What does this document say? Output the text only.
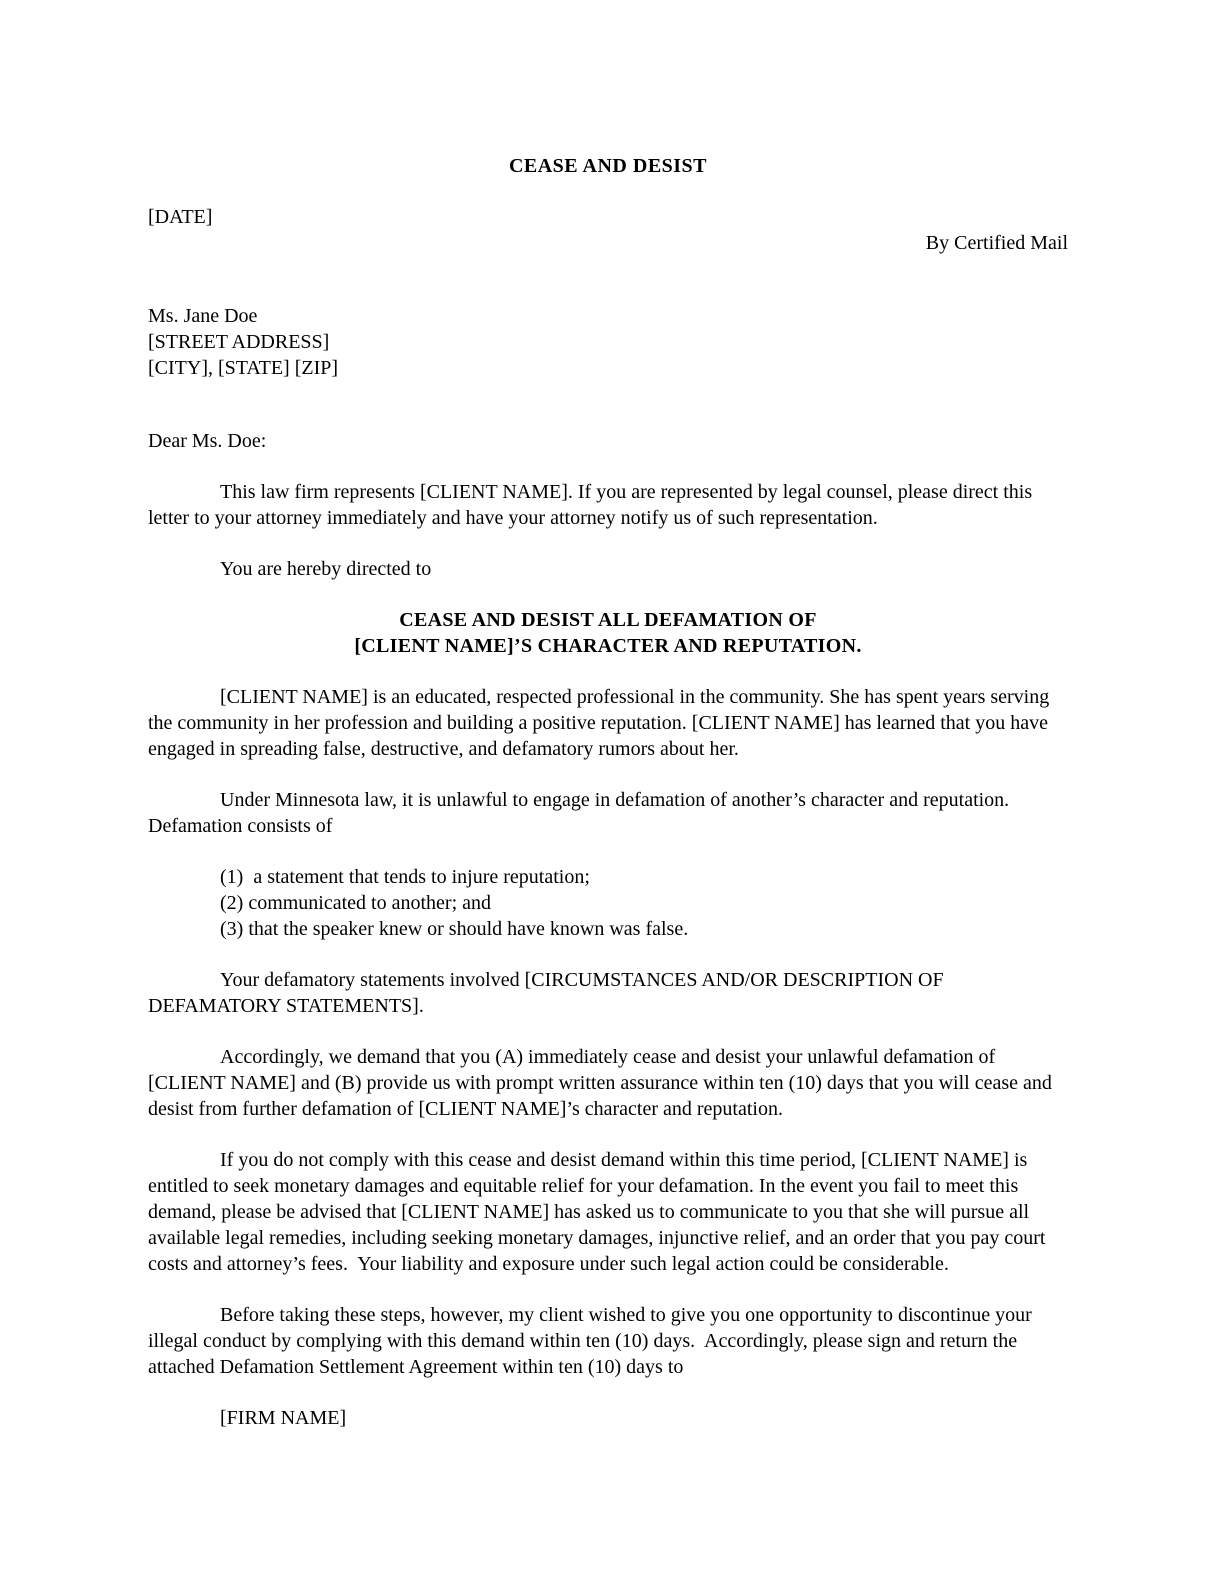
CEASE AND DESIST

[DATE]

By Certified Mail

Ms. Jane Doe

[STREET ADDRESS]

[CITY], [STATE] [ZIP]

Dear Ms. Doe:

This law firm represents [CLIENT NAME]. If you are represented by legal counsel, please direct this letter to your attorney immediately and have your attorney notify us of such representation.

You are hereby directed to

CEASE AND DESIST ALL DEFAMATION OF

[CLIENT NAME]’S CHARACTER AND REPUTATION.

[CLIENT NAME] is an educated, respected professional in the community. She has spent years serving the community in her profession and building a positive reputation. [CLIENT NAME] has learned that you have engaged in spreading false, destructive, and defamatory rumors about her.

Under Minnesota law, it is unlawful to engage in defamation of another’s character and reputation.  Defamation consists of

(1)  a statement that tends to injure reputation;

(2) communicated to another; and

(3) that the speaker knew or should have known was false.

Your defamatory statements involved [CIRCUMSTANCES AND/OR DESCRIPTION OF DEFAMATORY STATEMENTS].

Accordingly, we demand that you (A) immediately cease and desist your unlawful defamation of [CLIENT NAME] and (B) provide us with prompt written assurance within ten (10) days that you will cease and desist from further defamation of [CLIENT NAME]’s character and reputation.

If you do not comply with this cease and desist demand within this time period, [CLIENT NAME] is entitled to seek monetary damages and equitable relief for your defamation. In the event you fail to meet this demand, please be advised that [CLIENT NAME] has asked us to communicate to you that she will pursue all available legal remedies, including seeking monetary damages, injunctive relief, and an order that you pay court costs and attorney’s fees.  Your liability and exposure under such legal action could be considerable.

Before taking these steps, however, my client wished to give you one opportunity to discontinue your illegal conduct by complying with this demand within ten (10) days.  Accordingly, please sign and return the attached Defamation Settlement Agreement within ten (10) days to

[FIRM NAME]
